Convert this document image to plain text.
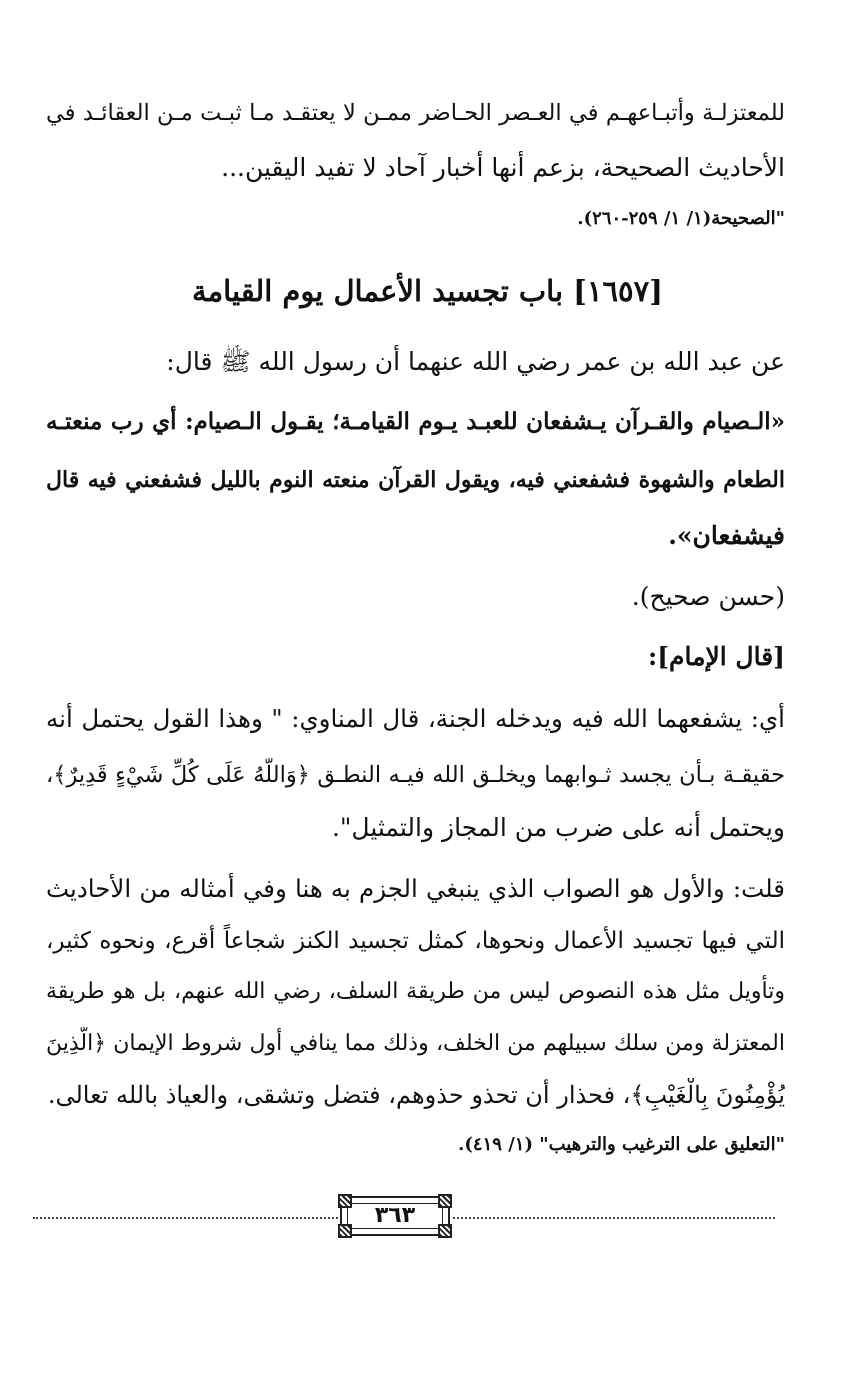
للمعتزلـة وأتبـاعهـم في العـصر الحـاضر ممـن لا يعتقـد مـا ثبـت مـن العقائـد في
الأحاديث الصحيحة، بزعم أنها أخبار آحاد لا تفيد اليقين...
"الصحيحة(١/ ١/ ٢٥٩-٢٦٠).
[١٦٥٧] باب تجسيد الأعمال يوم القيامة
عن عبد الله بن عمر رضي الله عنهما أن رسول الله ﷺ قال:
«الـصيام والقـرآن يـشفعان للعبـد يـوم القيامـة؛ يقـول الـصيام: أي رب منعتـه
الطعام والشهوة فشفعني فيه، ويقول القرآن منعته النوم بالليل فشفعني فيه قال
فيشفعان».
(حسن صحيح).
[قال الإمام]:
أي: يشفعهما الله فيه ويدخله الجنة، قال المناوي: " وهذا القول يحتمل أنه
حقيقـة بـأن يجسد ثـوابهما ويخلـق الله فيـه النطـق ﴿وَاللَّهُ عَلَى كُلِّ شَيْءٍ قَدِيرٌ﴾،
ويحتمل أنه على ضرب من المجاز والتمثيل".
قلت: والأول هو الصواب الذي ينبغي الجزم به هنا وفي أمثاله من الأحاديث
التي فيها تجسيد الأعمال ونحوها، كمثل تجسيد الكنز شجاعاً أقرع، ونحوه كثير،
وتأويل مثل هذه النصوص ليس من طريقة السلف، رضي الله عنهم، بل هو طريقة
المعتزلة ومن سلك سبيلهم من الخلف، وذلك مما ينافي أول شروط الإيمان ﴿الَّذِينَ
يُؤْمِنُونَ بِالْغَيْبِ﴾، فحذار أن تحذو حذوهم، فتضل وتشقى، والعياذ بالله تعالى.
"التعليق على الترغيب والترهيب" (١/ ٤١٩).
٣٦٣
